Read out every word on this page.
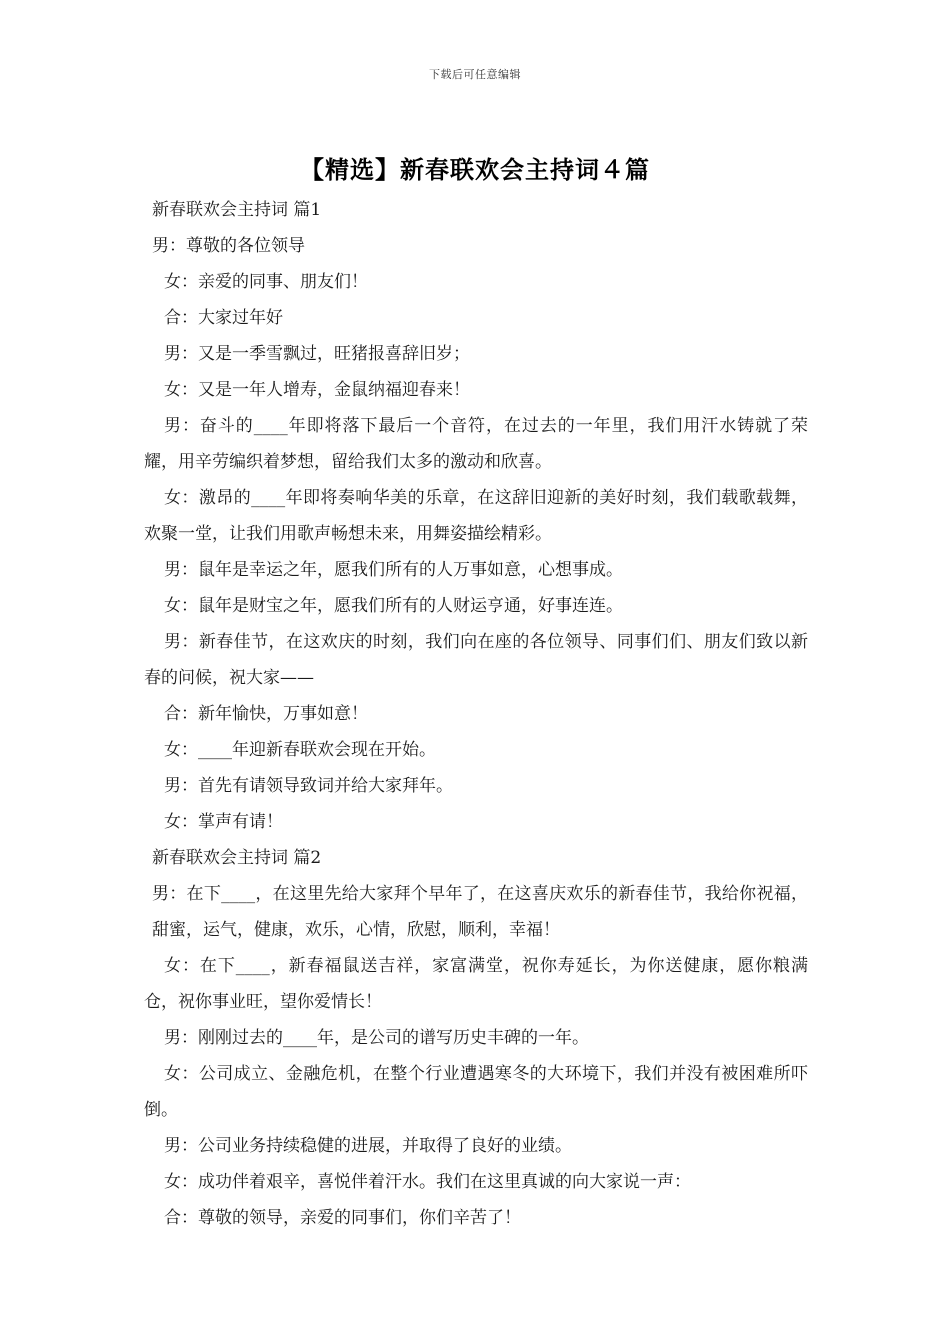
下载后可任意编辑
【精选】新春联欢会主持词４篇

新春联欢会主持词 篇1

男：尊敬的各位领导

女：亲爱的同事、朋友们！

合：大家过年好

男：又是一季雪飘过，旺猪报喜辞旧岁；

女：又是一年人增寿，金鼠纳福迎春来！

男：奋斗的____年即将落下最后一个音符，在过去的一年里，我们用汗水铸就了荣耀，用辛劳编织着梦想，留给我们太多的激动和欣喜。

女：激昂的____年即将奏响华美的乐章，在这辞旧迎新的美好时刻，我们载歌载舞，欢聚一堂，让我们用歌声畅想未来，用舞姿描绘精彩。

男：鼠年是幸运之年，愿我们所有的人万事如意，心想事成。

女：鼠年是财宝之年，愿我们所有的人财运亨通，好事连连。

男：新春佳节，在这欢庆的时刻，我们向在座的各位领导、同事们们、朋友们致以新春的问候，祝大家——

合：新年愉快，万事如意！

女：____年迎新春联欢会现在开始。

男：首先有请领导致词并给大家拜年。

女：掌声有请！

新春联欢会主持词 篇2

男：在下____，在这里先给大家拜个早年了，在这喜庆欢乐的新春佳节，我给你祝福，甜蜜，运气，健康，欢乐，心情，欣慰，顺利，幸福！

女：在下____，新春福鼠送吉祥，家富满堂，祝你寿延长，为你送健康，愿你粮满仓，祝你事业旺，望你爱情长！

男：刚刚过去的____年，是公司的谱写历史丰碑的一年。

女：公司成立、金融危机，在整个行业遭遇寒冬的大环境下，我们并没有被困难所吓倒。

男：公司业务持续稳健的进展，并取得了良好的业绩。

女：成功伴着艰辛，喜悦伴着汗水。我们在这里真诚的向大家说一声：

合：尊敬的领导，亲爱的同事们，你们辛苦了！
